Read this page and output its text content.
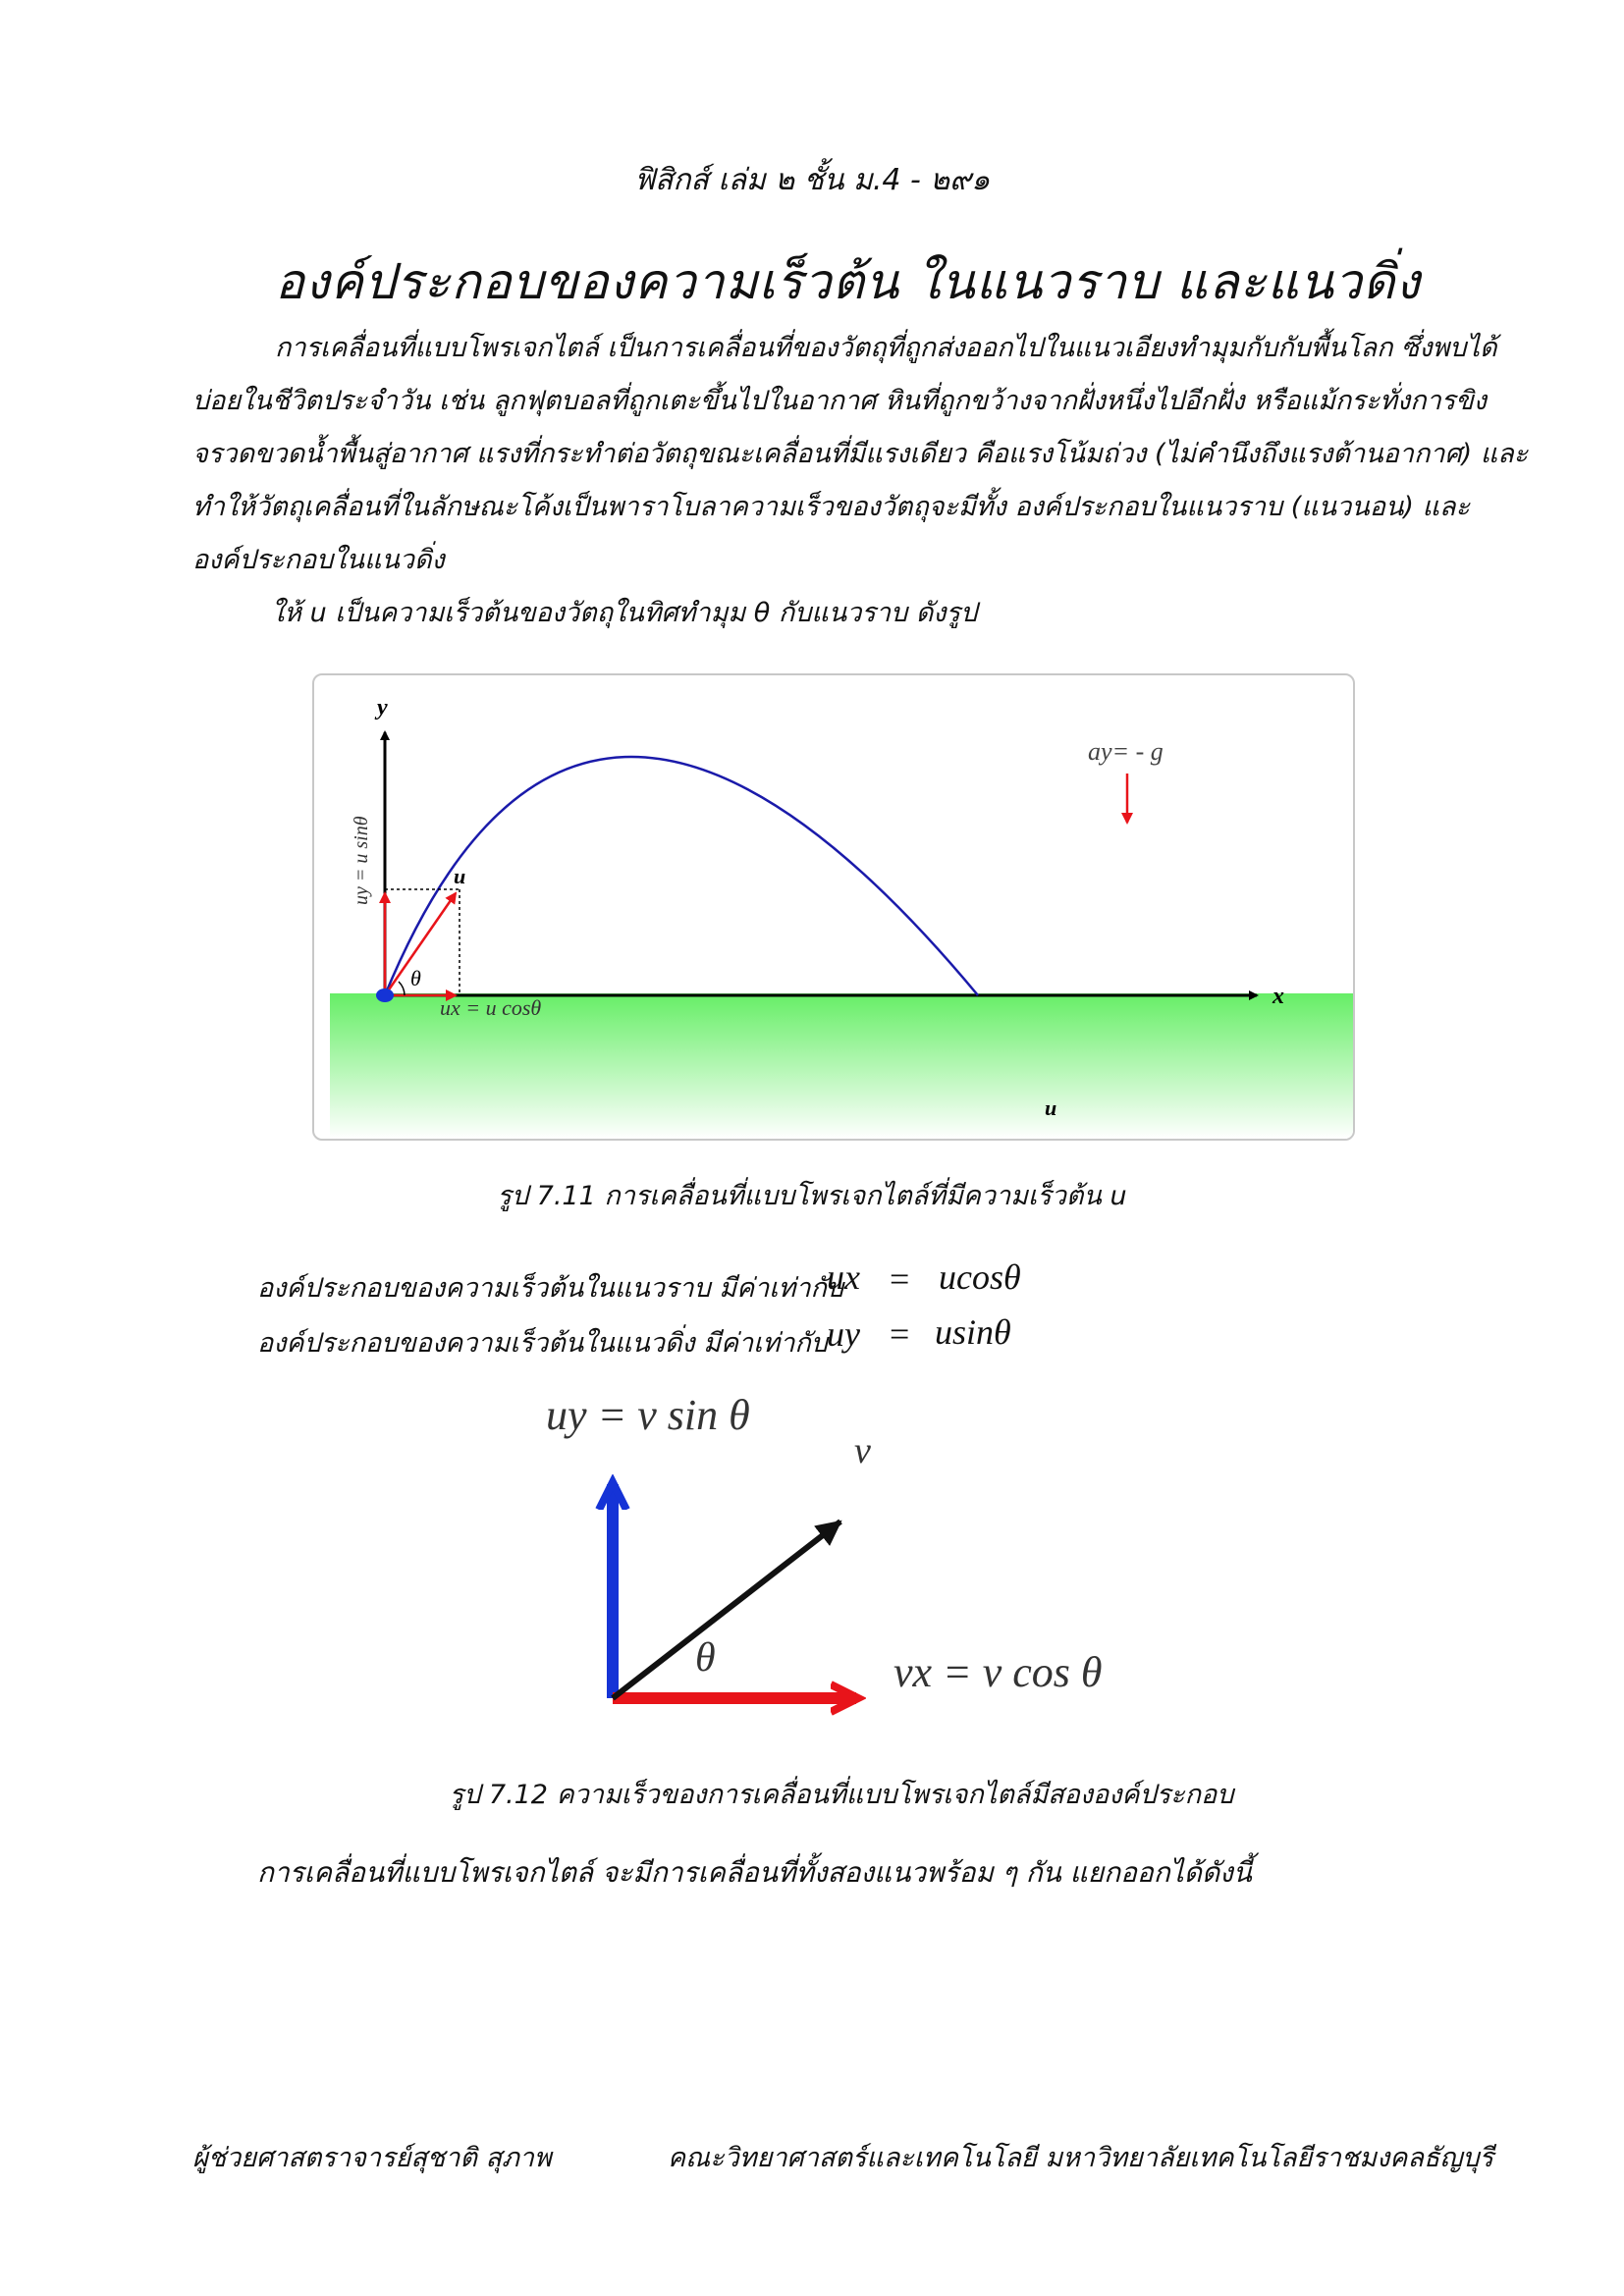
ฟิสิกส์ เล่ม ๒ ชั้น ม.4 - ๒๙๑
องค์ประกอบของความเร็วต้น ในแนวราบ และแนวดิ่ง
การเคลื่อนที่แบบโพรเจกไตล์ เป็นการเคลื่อนที่ของวัตถุที่ถูกส่งออกไปในแนวเอียงทำมุมกับกับพื้นโลก ซึ่งพบได้
บ่อยในชีวิตประจำวัน เช่น ลูกฟุตบอลที่ถูกเตะขึ้นไปในอากาศ หินที่ถูกขว้างจากฝั่งหนึ่งไปอีกฝั่ง หรือแม้กระทั่งการขิง
จรวดขวดน้ำพื้นสู่อากาศ แรงที่กระทำต่อวัตถุขณะเคลื่อนที่มีแรงเดียว คือแรงโน้มถ่วง (ไม่คำนึงถึงแรงต้านอากาศ) และ
ทำให้วัตถุเคลื่อนที่ในลักษณะโค้งเป็นพาราโบลาความเร็วของวัตถุจะมีทั้ง องค์ประกอบในแนวราบ (แนวนอน) และ
องค์ประกอบในแนวดิ่ง
ให้ u เป็นความเร็วต้นของวัตถุในทิศทำมุม θ กับแนวราบ ดังรูป
y
x
ay= - g
uy = u sinθ	u
θ
ux = u cosθ
u
รูป 7.11 การเคลื่อนที่แบบโพรเจกไตล์ที่มีความเร็วต้น u
องค์ประกอบของความเร็วต้นในแนวราบ มีค่าเท่ากับ
ux = ucosθ
องค์ประกอบของความเร็วต้นในแนวดิ่ง มีค่าเท่ากับ uy = usinθ
uy = v sin θ
v
θ	vx = v cos θ
รูป 7.12 ความเร็วของการเคลื่อนที่แบบโพรเจกไตล์มีสององค์ประกอบ
การเคลื่อนที่แบบโพรเจกไตล์ จะมีการเคลื่อนที่ทั้งสองแนวพร้อม ๆ กัน แยกออกได้ดังนี้
ผู้ช่วยศาสตราจารย์สุชาติ สุภาพ	คณะวิทยาศาสตร์และเทคโนโลยี มหาวิทยาลัยเทคโนโลยีราชมงคลธัญบุรี
